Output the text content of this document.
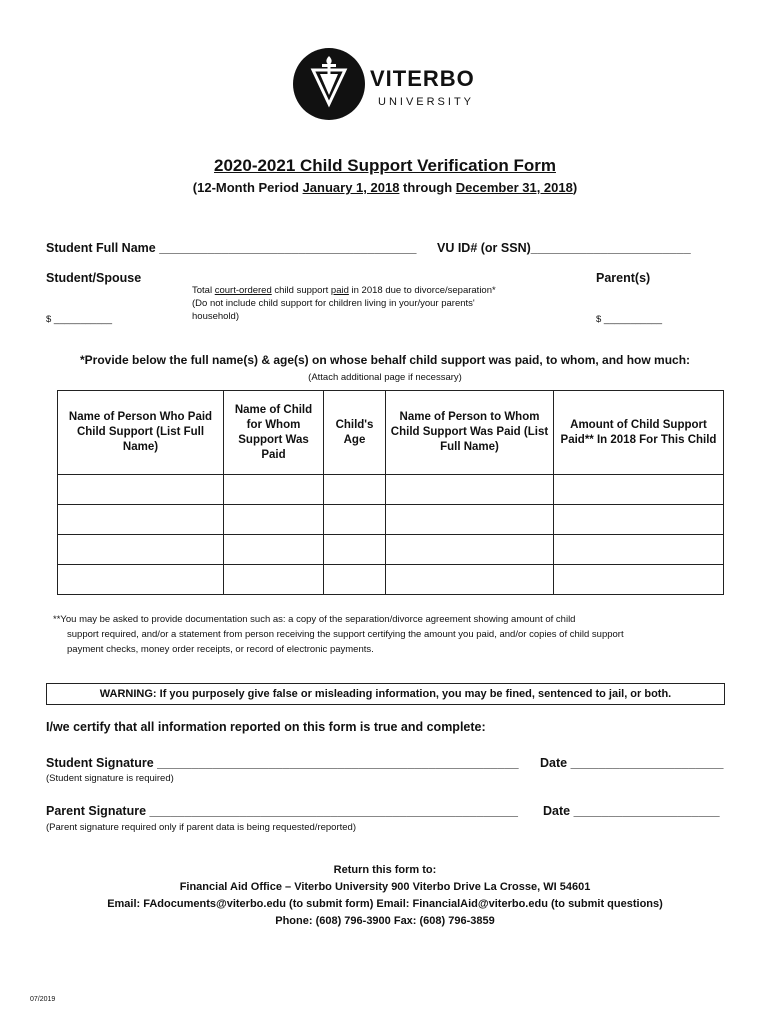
VITERBO
UNIVERSITY
2020-2021 Child Support Verification Form
(12-Month Period January 1, 2018 through December 31, 2018)
Student Full Name _____________________________________ VU ID# (or SSN)_______________________
Student/Spouse	Parent(s)
$ ___________	$ ___________
Total court-ordered child support paid in 2018 due to divorce/separation*
(Do not include child support for children living in your/your parents'
household)
*Provide below the full name(s) & age(s) on whose behalf child support was paid, to whom, and how much:
(Attach additional page if necessary)
Name of Person Who Paid Child Support (List Full Name)	Name of Child for Whom Support Was Paid	Child's Age	Name of Person to Whom Child Support Was Paid (List Full Name)	Amount of Child Support Paid** In 2018 For This Child

**You may be asked to provide documentation such as: a copy of the separation/divorce agreement showing amount of child
support required, and/or a statement from person receiving the support certifying the amount you paid, and/or copies of child support
payment checks, money order receipts, or record of electronic payments.
WARNING: If you purposely give false or misleading information, you may be fined, sentenced to jail, or both.
I/we certify that all information reported on this form is true and complete:
Student Signature ____________________________________________________ Date ______________________
(Student signature is required)
Parent Signature _____________________________________________________ Date _____________________
(Parent signature required only if parent data is being requested/reported)
Return this form to:
Financial Aid Office – Viterbo University 900 Viterbo Drive La Crosse, WI 54601
Email: FAdocuments@viterbo.edu (to submit form) Email: FinancialAid@viterbo.edu (to submit questions)
Phone: (608) 796-3900 Fax: (608) 796-3859
07/2019
